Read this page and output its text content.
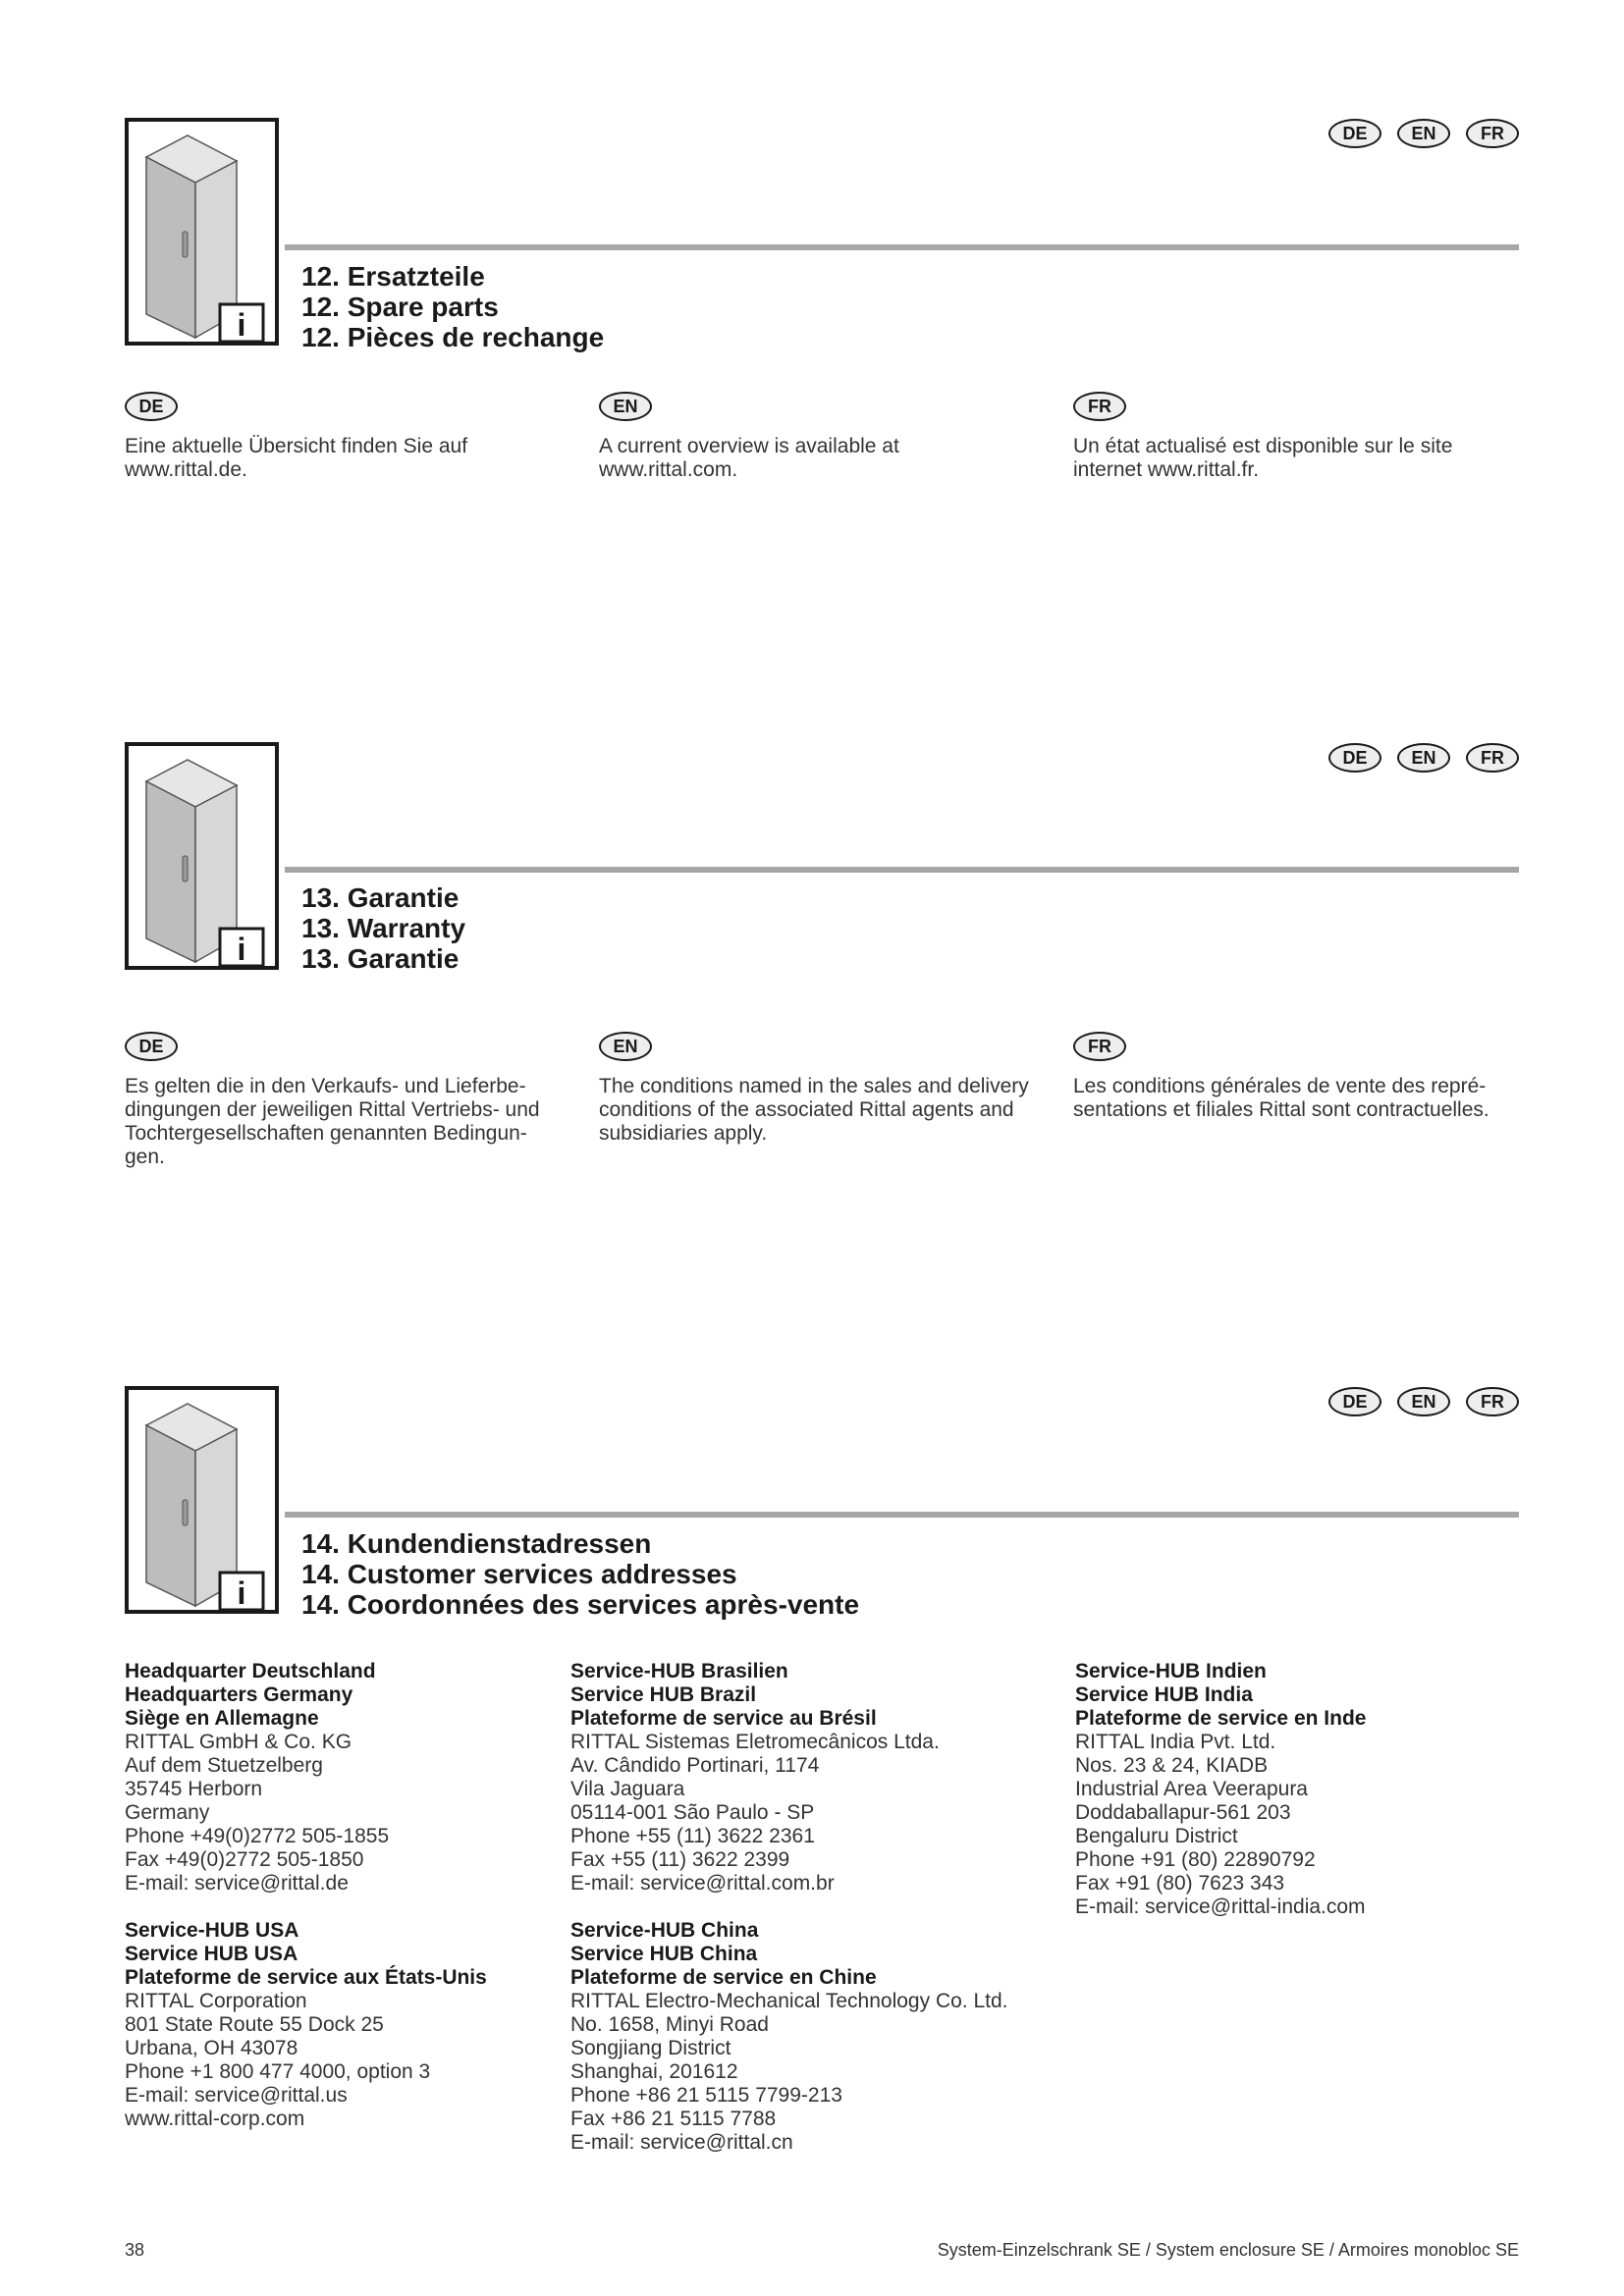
i
DE	EN	FR
12. Ersatzteile
12. Spare parts
12. Pièces de rechange
DE

Eine aktuelle Übersicht finden Sie auf www.rittal.de.

EN

A current overview is available at www.rittal.com.

FR

Un état actualisé est disponible sur le site internet www.rittal.fr.

i
DE	EN	FR
13. Garantie
13. Warranty
13. Garantie
DE

Es gelten die in den Verkaufs- und Lieferbe-dingungen der jeweiligen Rittal Vertriebs- und Tochtergesellschaften genannten Bedingun-gen.

EN

The conditions named in the sales and delivery conditions of the associated Rittal agents and subsidiaries apply.

FR

Les conditions générales de vente des repré-sentations et filiales Rittal sont contractuelles.

i
DE	EN	FR
14. Kundendienstadressen
14. Customer services addresses
14. Coordonnées des services après-vente
Headquarter Deutschland
Headquarters Germany
Siège en Allemagne
RITTAL GmbH & Co. KG
Auf dem Stuetzelberg
35745 Herborn
Germany
Phone +49(0)2772 505-1855
Fax +49(0)2772 505-1850
E-mail: service@rittal.de
Service-HUB USA
Service HUB USA
Plateforme de service aux États-Unis
RITTAL Corporation
801 State Route 55 Dock 25
Urbana, OH 43078
Phone +1 800 477 4000, option 3
E-mail: service@rittal.us
www.rittal-corp.com
Service-HUB Brasilien
Service HUB Brazil
Plateforme de service au Brésil
RITTAL Sistemas Eletromecânicos Ltda.
Av. Cândido Portinari, 1174
Vila Jaguara
05114-001 São Paulo - SP
Phone +55 (11) 3622 2361
Fax +55 (11) 3622 2399
E-mail: service@rittal.com.br
Service-HUB China
Service HUB China
Plateforme de service en Chine
RITTAL Electro-Mechanical Technology Co. Ltd.
No. 1658, Minyi Road
Songjiang District
Shanghai, 201612
Phone +86 21 5115 7799-213
Fax +86 21 5115 7788
E-mail: service@rittal.cn
Service-HUB Indien
Service HUB India
Plateforme de service en Inde
RITTAL India Pvt. Ltd.
Nos. 23 & 24, KIADB
Industrial Area Veerapura
Doddaballapur-561 203
Bengaluru District
Phone +91 (80) 22890792
Fax +91 (80) 7623 343
E-mail: service@rittal-india.com
38	System-Einzelschrank SE / System enclosure SE / Armoires monobloc SE
